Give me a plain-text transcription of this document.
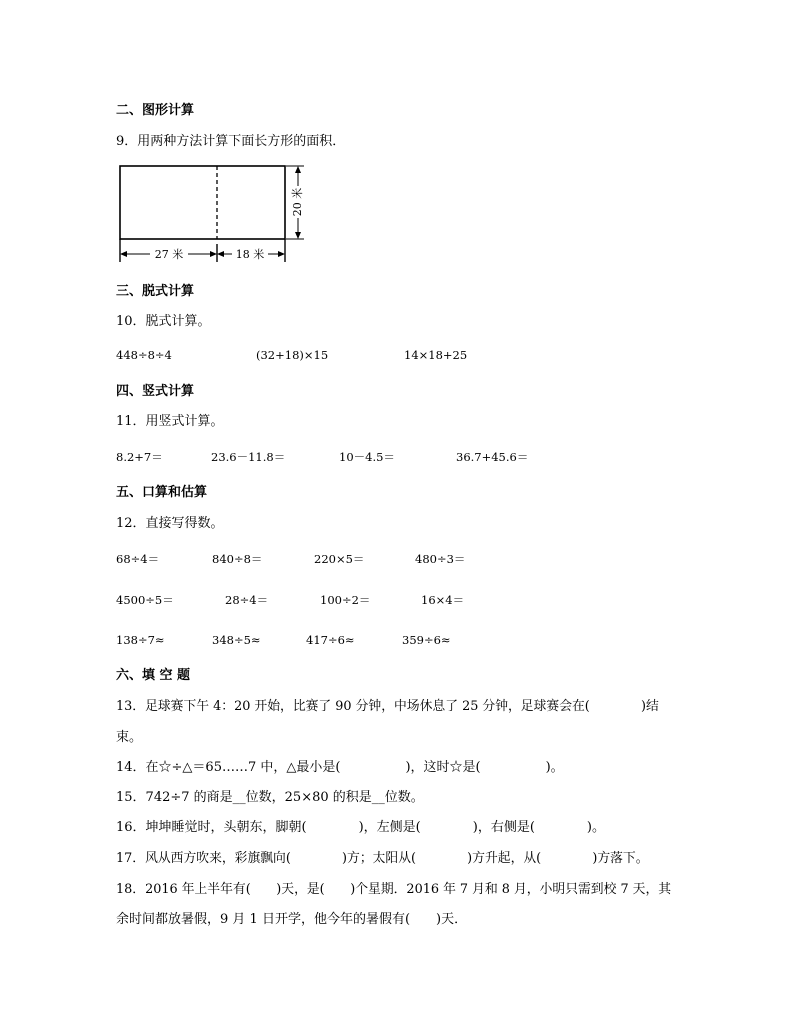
二、图形计算
9．用两种方法计算下面长方形的面积．
20 米
27 米	18 米
三、脱式计算
10．脱式计算。
448÷8÷4	(32+18)×15	14×18+25
四、竖式计算
11．用竖式计算。
8.2+7＝	23.6－11.8＝	10－4.5＝	36.7+45.6＝
五、口算和估算
12．直接写得数。
68÷4＝	840÷8＝	220×5＝	480÷3＝
4500÷5＝	28÷4＝	100÷2＝	16×4＝
138÷7≈	348÷5≈	417÷6≈	359÷6≈
六、填 空 题
13．足球赛下午 4：20 开始，比赛了 90 分钟，中场休息了 25 分钟，足球赛会在(　　　　)结
束。
14．在☆÷△＝65……7 中，△最小是(　　　　　)，这时☆是(　　　　　)。
15．742÷7 的商是__位数，25×80 的积是__位数。
16．坤坤睡觉时，头朝东，脚朝(　　　　)，左侧是(　　　　)，右侧是(　　　　)。
17．风从西方吹来，彩旗飘向(　　　　)方；太阳从(　　　　)方升起，从(　　　　)方落下。
18．2016 年上半年有(　　)天，是(　　)个星期．2016 年 7 月和 8 月，小明只需到校 7 天，其
余时间都放暑假，9 月 1 日开学，他今年的暑假有(　　)天．
